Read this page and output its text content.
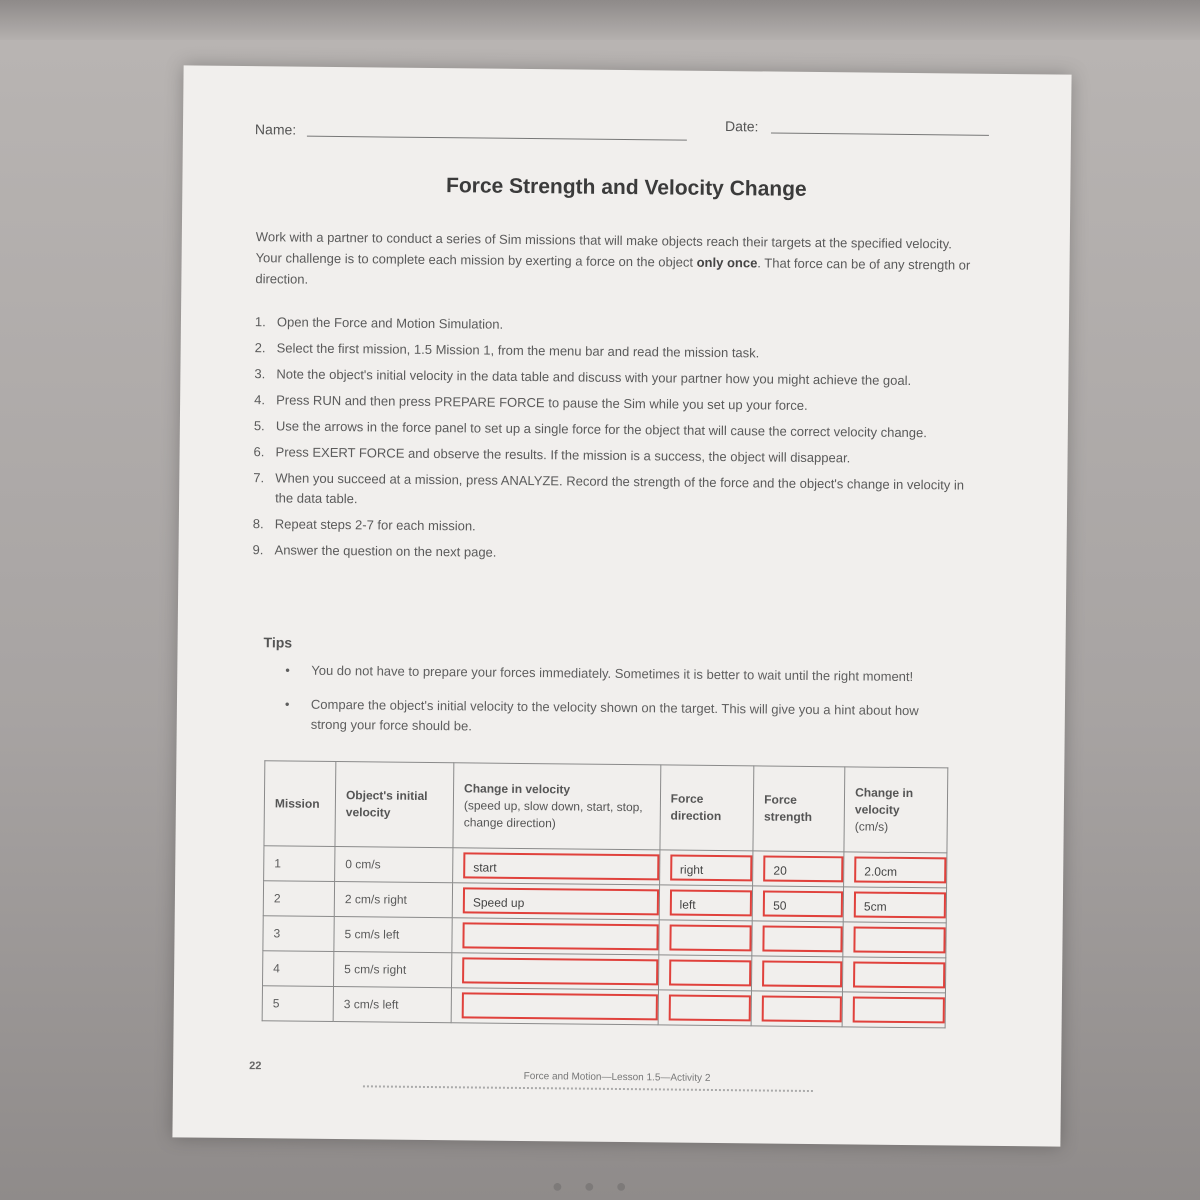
Name:	Date:
Force Strength and Velocity Change
Work with a partner to conduct a series of Sim missions that will make objects reach their targets at the specified velocity. Your challenge is to complete each mission by exerting a force on the object only once. That force can be of any strength or direction.
1. Open the Force and Motion Simulation.
2. Select the first mission, 1.5 Mission 1, from the menu bar and read the mission task.
3. Note the object's initial velocity in the data table and discuss with your partner how you might achieve the goal.
4. Press RUN and then press PREPARE FORCE to pause the Sim while you set up your force.
5. Use the arrows in the force panel to set up a single force for the object that will cause the correct velocity change.
6. Press EXERT FORCE and observe the results. If the mission is a success, the object will disappear.
7. When you succeed at a mission, press ANALYZE. Record the strength of the force and the object's change in velocity in the data table.
8. Repeat steps 2-7 for each mission.
9. Answer the question on the next page.
Tips
•	You do not have to prepare your forces immediately. Sometimes it is better to wait until the right moment!
•	Compare the object's initial velocity to the velocity shown on the target. This will give you a hint about how strong your force should be.
Mission	Object's initial velocity	Change in velocity
(speed up, slow down, start, stop, change direction)	Force direction	Force strength	Change in velocity
(cm/s)

1	0 cm/s	start	right	20	2.0cm

2	2 cm/s right	Speed up	left	50	5cm

3	5 cm/s left	

4	5 cm/s right	

5	3 cm/s left	

22
Force and Motion—Lesson 1.5—Activity 2
● ● ●
